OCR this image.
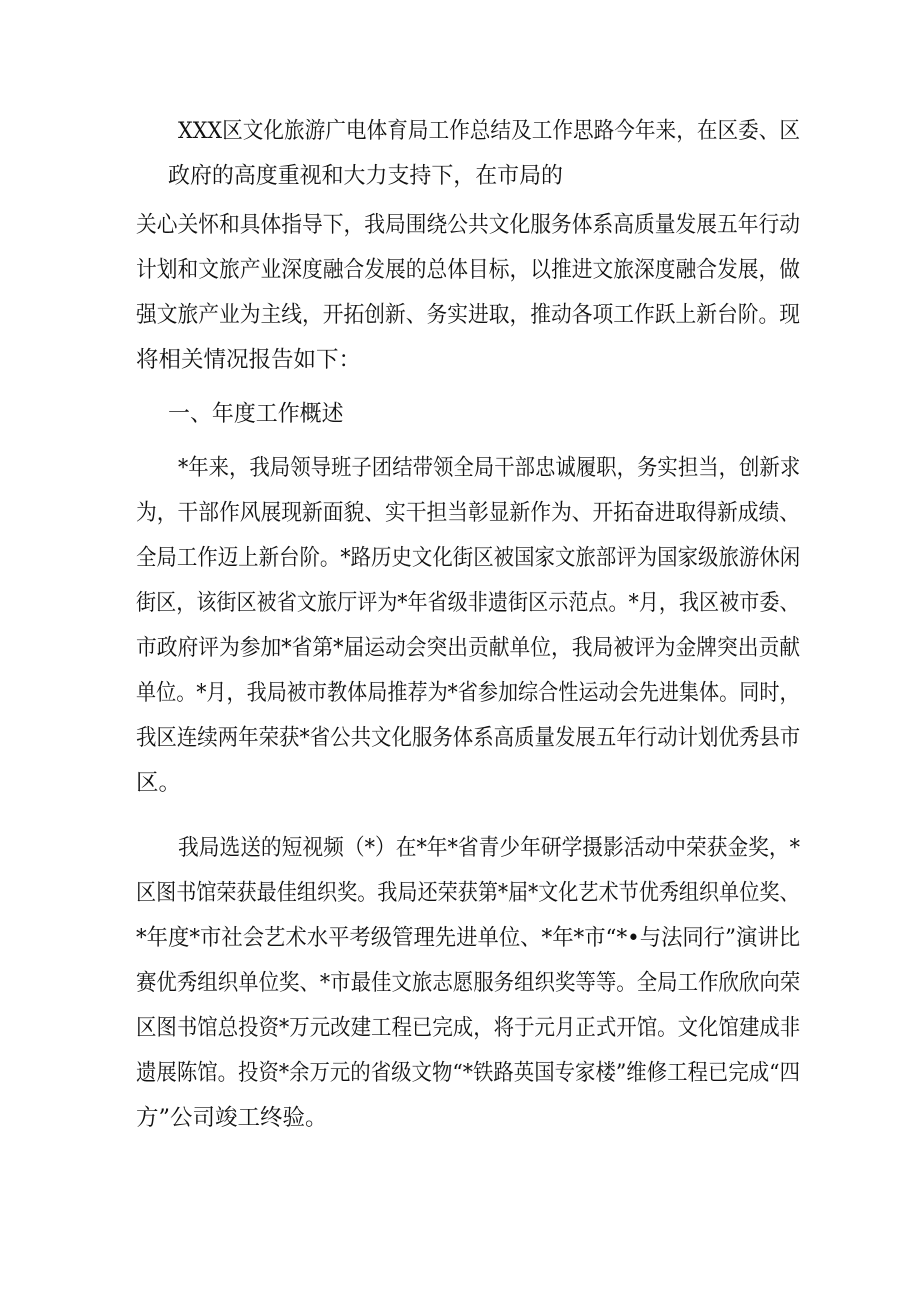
XXX区文化旅游广电体育局工作总结及工作思路今年来，在区委、区

政府的高度重视和大力支持下，在市局的

关心关怀和具体指导下，我局围绕公共文化服务体系高质量发展五年行动

计划和文旅产业深度融合发展的总体目标，以推进文旅深度融合发展，做

强文旅产业为主线，开拓创新、务实进取，推动各项工作跃上新台阶。现

将相关情况报告如下：

一、年度工作概述

*年来，我局领导班子团结带领全局干部忠诚履职，务实担当，创新求

为，干部作风展现新面貌、实干担当彰显新作为、开拓奋进取得新成绩、

全局工作迈上新台阶。*路历史文化街区被国家文旅部评为国家级旅游休闲

街区，该街区被省文旅厅评为*年省级非遗街区示范点。*月，我区被市委、

市政府评为参加*省第*届运动会突出贡献单位，我局被评为金牌突出贡献

单位。*月，我局被市教体局推荐为*省参加综合性运动会先进集体。同时，

我区连续两年荣获*省公共文化服务体系高质量发展五年行动计划优秀县市

区。

我局选送的短视频（*）在*年*省青少年研学摄影活动中荣获金奖，*

区图书馆荣获最佳组织奖。我局还荣获第*届*文化艺术节优秀组织单位奖、

*年度*市社会艺术水平考级管理先进单位、*年*市“*•与法同行”演讲比

赛优秀组织单位奖、*市最佳文旅志愿服务组织奖等等。全局工作欣欣向荣

区图书馆总投资*万元改建工程已完成，将于元月正式开馆。文化馆建成非

遗展陈馆。投资*余万元的省级文物“*铁路英国专家楼”维修工程已完成“四

方”公司竣工终验。
